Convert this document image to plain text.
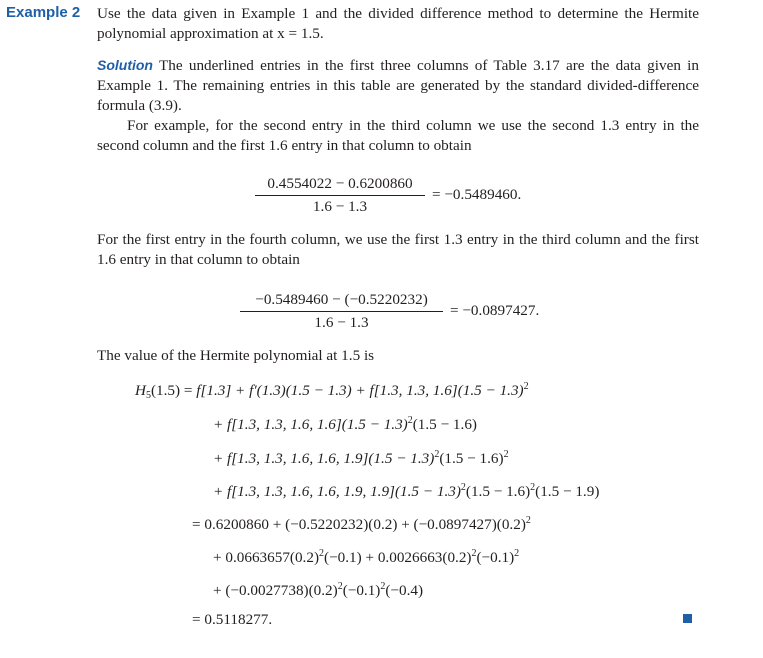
Example 2 Use the data given in Example 1 and the divided difference method to determine the Hermite polynomial approximation at x = 1.5.
Solution The underlined entries in the first three columns of Table 3.17 are the data given in Example 1. The remaining entries in this table are generated by the standard divided-difference formula (3.9).
For example, for the second entry in the third column we use the second 1.3 entry in the second column and the first 1.6 entry in that column to obtain
0.4554022 − 0.6200860
1.6 − 1.3
= −0.5489460.
For the first entry in the fourth column, we use the first 1.3 entry in the third column and the first 1.6 entry in that column to obtain
−0.5489460 − (−0.5220232)
1.6 − 1.3
= −0.0897427.
The value of the Hermite polynomial at 1.5 is
$H_5(1.5) = f[1.3] + f'(1.3)(1.5 - 1.3) + f[1.3$, 1.3, $1.6](1.5 - 1.3)^2$
+ f[1.3, 1.3, 1.6, $1.6](1.5 - 1.3)^2(1.5 - 1.6)$
+ f[1.3, 1.3, 1.6, 1.6, $1.9](1.5 - 1.3)^2(1.5 - 1.6)^2$
+ f[1.3, 1.3, 1.6, 1.6, 1.9, $1.9](1.5 - 1.3)^2(1.5 - 1.6)^2(1.5 - 1.9)$
= $0.6200860 + (-0.5220232)(0.2) + (-0.0897427)(0.2)^2$
+ $0.0663657(0.2)^2(-0.1) + 0.0026663(0.2)^2(-0.1)^2$
+ $(-0.0027738)(0.2)^2(-0.1)^2(-0.4)$
= 0.5118277.
